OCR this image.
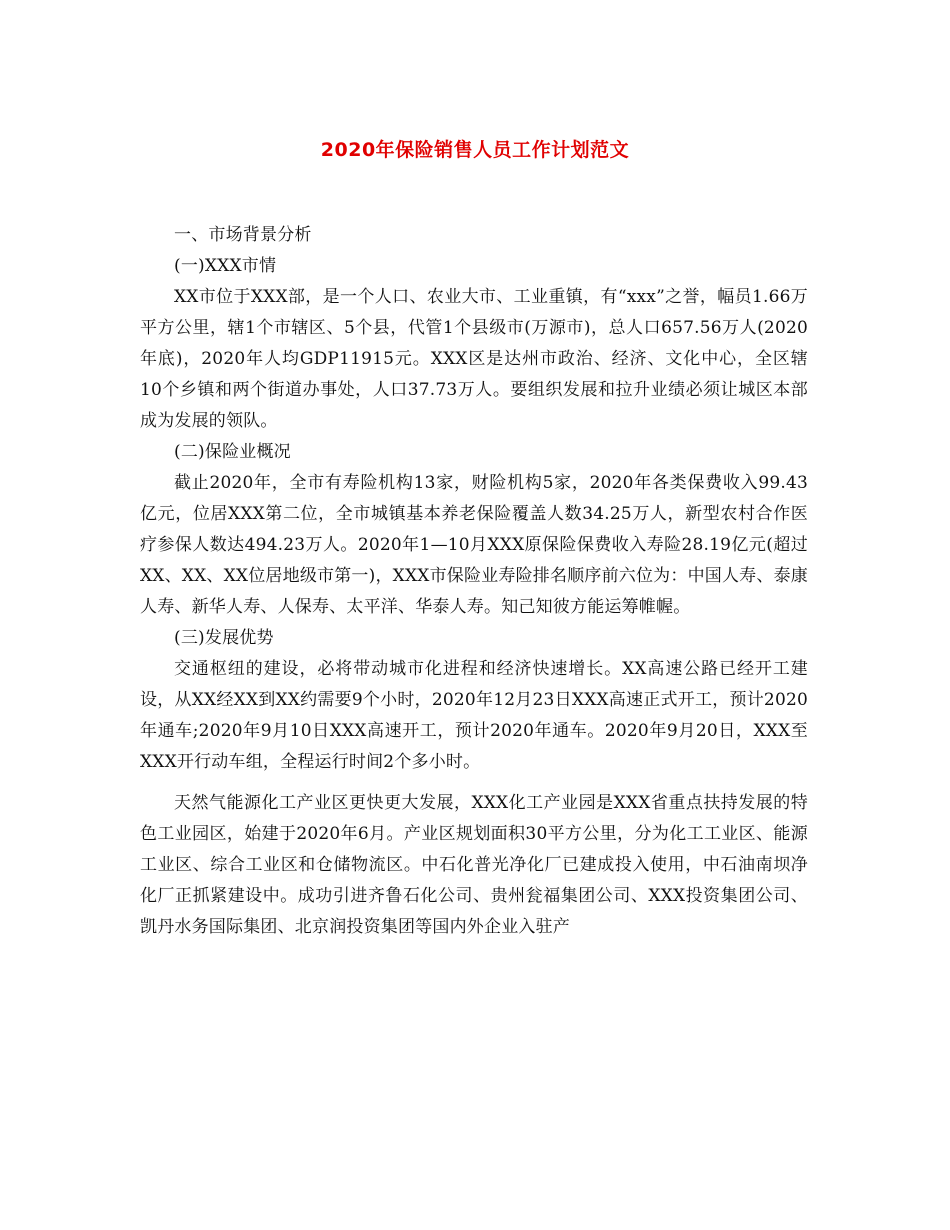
2020年保险销售人员工作计划范文

一、市场背景分析

(一)XXX市情

XX市位于XXX部，是一个人口、农业大市、工业重镇，有“xxx”之誉，幅员1.66万平方公里，辖1个市辖区、5个县，代管1个县级市(万源市)，总人口657.56万人(2020年底)，2020年人均GDP11915元。XXX区是达州市政治、经济、文化中心，全区辖10个乡镇和两个街道办事处，人口37.73万人。要组织发展和拉升业绩必须让城区本部成为发展的领队。

(二)保险业概况

截止2020年，全市有寿险机构13家，财险机构5家，2020年各类保费收入99.43亿元，位居XXX第二位，全市城镇基本养老保险覆盖人数34.25万人，新型农村合作医疗参保人数达494.23万人。2020年1—10月XXX原保险保费收入寿险28.19亿元(超过XX、XX、XX位居地级市第一)，XXX市保险业寿险排名顺序前六位为：中国人寿、泰康人寿、新华人寿、人保寿、太平洋、华泰人寿。知己知彼方能运筹帷幄。

(三)发展优势

交通枢纽的建设，必将带动城市化进程和经济快速增长。XX高速公路已经开工建设，从XX经XX到XX约需要9个小时，2020年12月23日XXX高速正式开工，预计2020年通车;2020年9月10日XXX高速开工，预计2020年通车。2020年9月20日，XXX至XXX开行动车组，全程运行时间2个多小时。

天然气能源化工产业区更快更大发展，XXX化工产业园是XXX省重点扶持发展的特色工业园区，始建于2020年6月。产业区规划面积30平方公里，分为化工工业区、能源工业区、综合工业区和仓储物流区。中石化普光净化厂已建成投入使用，中石油南坝净化厂正抓紧建设中。成功引进齐鲁石化公司、贵州瓮福集团公司、XXX投资集团公司、凯丹水务国际集团、北京润投资集团等国内外企业入驻产
